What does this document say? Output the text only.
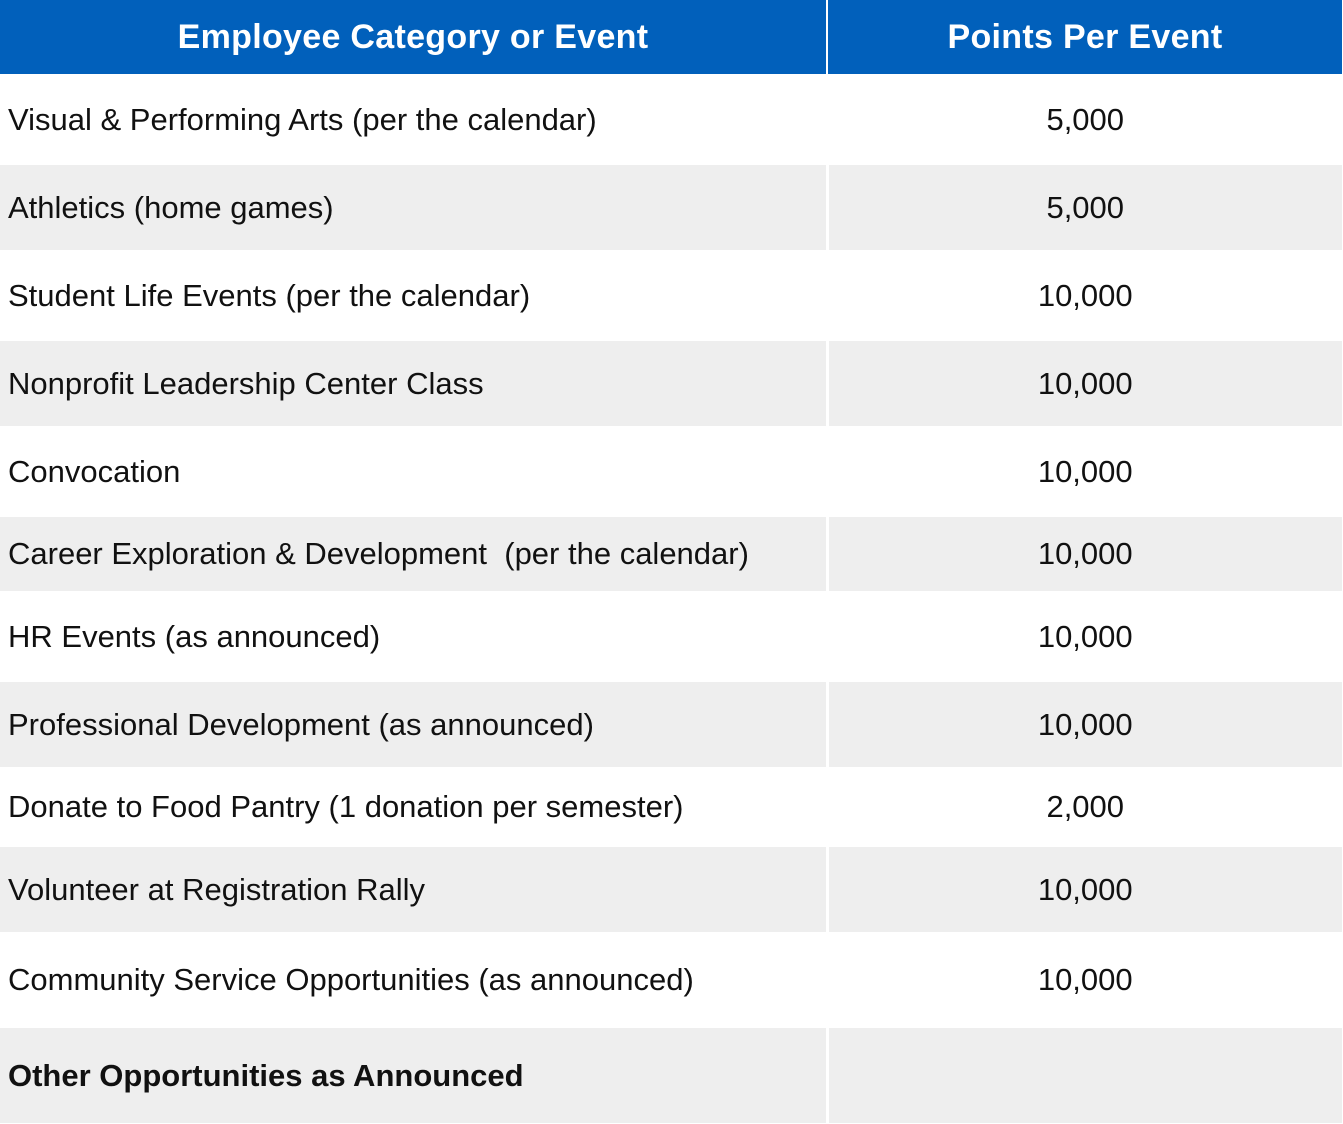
Employee Category or Event	Points Per Event
Visual & Performing Arts (per the calendar)	5,000
Athletics (home games)	5,000
Student Life Events (per the calendar)	10,000
Nonprofit Leadership Center Class	10,000
Convocation	10,000
Career Exploration & Development  (per the calendar)	10,000
HR Events (as announced)	10,000
Professional Development (as announced)	10,000
Donate to Food Pantry (1 donation per semester)	2,000
Volunteer at Registration Rally	10,000
Community Service Opportunities (as announced)	10,000
Other Opportunities as Announced	
